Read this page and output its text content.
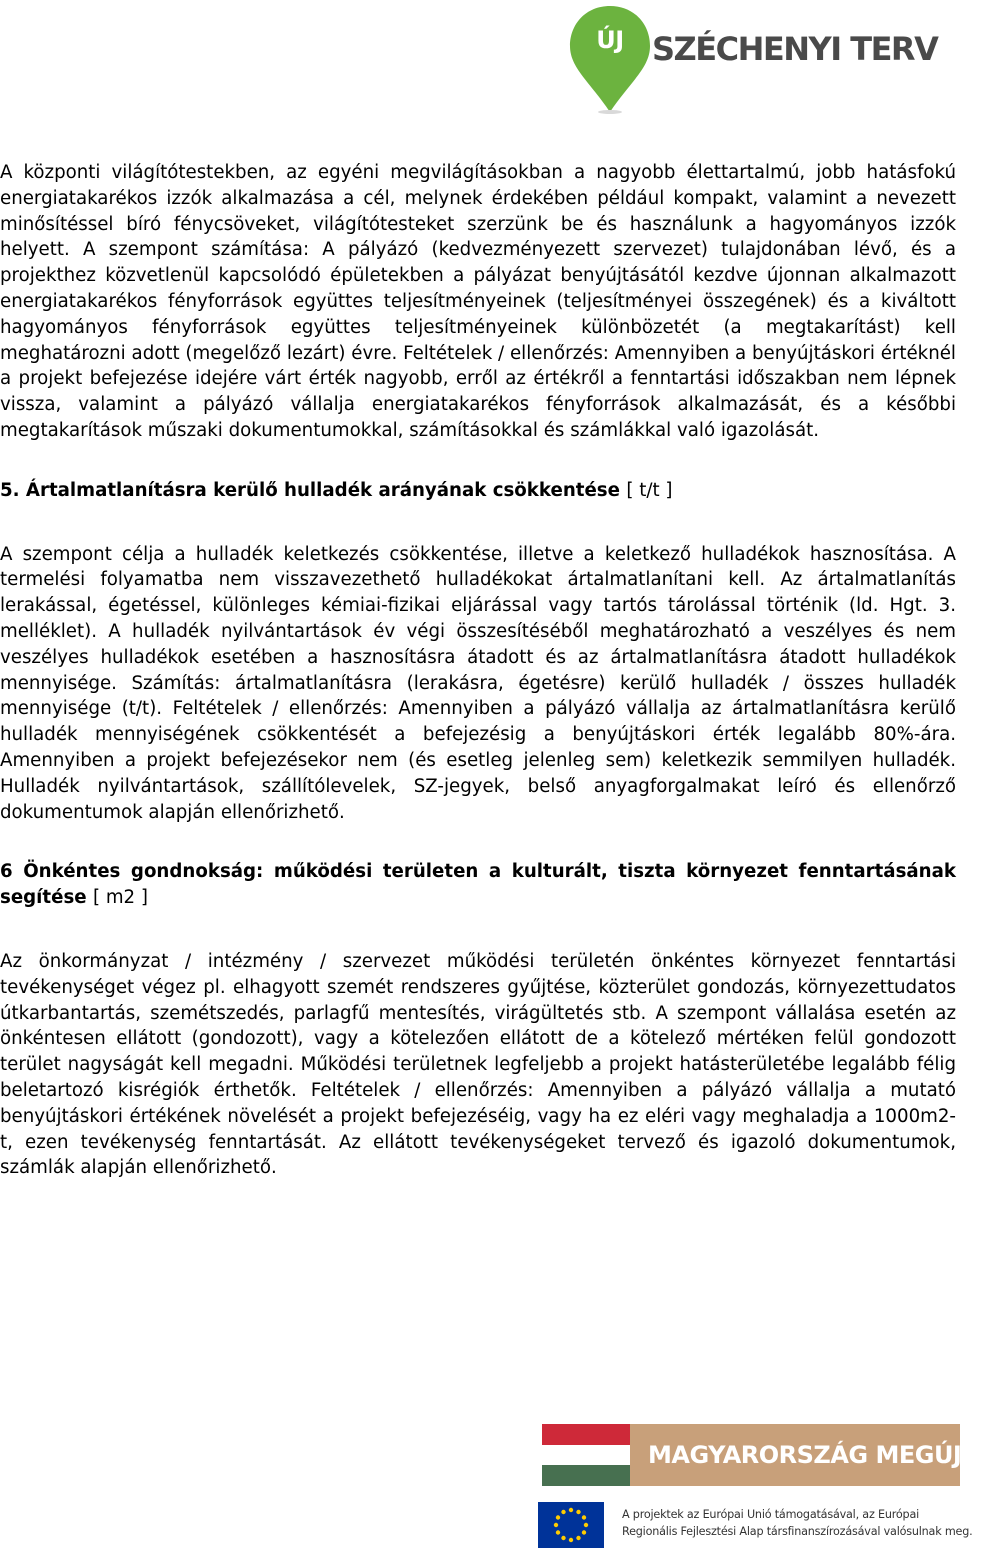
ÚJ SZÉCHENYI TERV

A központi világítótestekben, az egyéni megvilágításokban a nagyobb élettartalmú, jobb hatásfokú energiatakarékos izzók alkalmazása a cél, melynek érdekében például kompakt, valamint a nevezett minősítéssel bíró fénycsöveket, világítótesteket szerzünk be és használunk a hagyományos izzók helyett. A szempont számítása: A pályázó (kedvezményezett szervezet) tulajdonában lévő, és a projekthez közvetlenül kapcsolódó épületekben a pályázat benyújtásától kezdve újonnan alkalmazott energiatakarékos fényforrások együttes teljesítményeinek (teljesítményei összegének) és a kiváltott hagyományos fényforrások együttes teljesítményeinek különbözetét (a megtakarítást) kell meghatározni adott (megelőző lezárt) évre. Feltételek / ellenőrzés: Amennyiben a benyújtáskori értéknél a projekt befejezése idejére várt érték nagyobb, erről az értékről a fenntartási időszakban nem lépnek vissza, valamint a pályázó vállalja energiatakarékos fényforrások alkalmazását, és a későbbi megtakarítások műszaki dokumentumokkal, számításokkal és számlákkal való igazolását.

5. Ártalmatlanításra kerülő hulladék arányának csökkentése [ t/t ]

A szempont célja a hulladék keletkezés csökkentése, illetve a keletkező hulladékok hasznosítása. A termelési folyamatba nem visszavezethető hulladékokat ártalmatlanítani kell. Az ártalmatlanítás lerakással, égetéssel, különleges kémiai-fizikai eljárással vagy tartós tárolással történik (ld. Hgt. 3. melléklet). A hulladék nyilvántartások év végi összesítéséből meghatározható a veszélyes és nem veszélyes hulladékok esetében a hasznosításra átadott és az ártalmatlanításra átadott hulladékok mennyisége. Számítás: ártalmatlanításra (lerakásra, égetésre) kerülő hulladék / összes hulladék mennyisége (t/t). Feltételek / ellenőrzés: Amennyiben a pályázó vállalja az ártalmatlanításra kerülő hulladék mennyiségének csökkentését a befejezésig a benyújtáskori érték legalább 80%-ára. Amennyiben a projekt befejezésekor nem (és esetleg jelenleg sem) keletkezik semmilyen hulladék. Hulladék nyilvántartások, szállítólevelek, SZ-jegyek, belső anyagforgalmakat leíró és ellenőrző dokumentumok alapján ellenőrizhető.

6 Önkéntes gondnokság: működési területen a kulturált, tiszta környezet fenntartásának segítése [ m2 ]

Az önkormányzat / intézmény / szervezet működési területén önkéntes környezet fenntartási tevékenységet végez pl. elhagyott szemét rendszeres gyűjtése, közterület gondozás, környezettudatos útkarbantartás, szemétszedés, parlagfű mentesítés, virágültetés stb. A szempont vállalása esetén az önkéntesen ellátott (gondozott), vagy a kötelezően ellátott de a kötelező mértéken felül gondozott terület nagyságát kell megadni. Működési területnek legfeljebb a projekt hatásterületébe legalább félig beletartozó kisrégiók érthetők. Feltételek / ellenőrzés: Amennyiben a pályázó vállalja a mutató benyújtáskori értékének növelését a projekt befejezéséig, vagy ha ez eléri vagy meghaladja a 1000m2-t, ezen tevékenység fenntartását. Az ellátott tevékenységeket tervező és igazoló dokumentumok, számlák alapján ellenőrizhető.

MAGYARORSZÁG MEGÚJUL
A projektek az Európai Unió támogatásával, az Európai
Regionális Fejlesztési Alap társfinanszírozásával valósulnak meg.
